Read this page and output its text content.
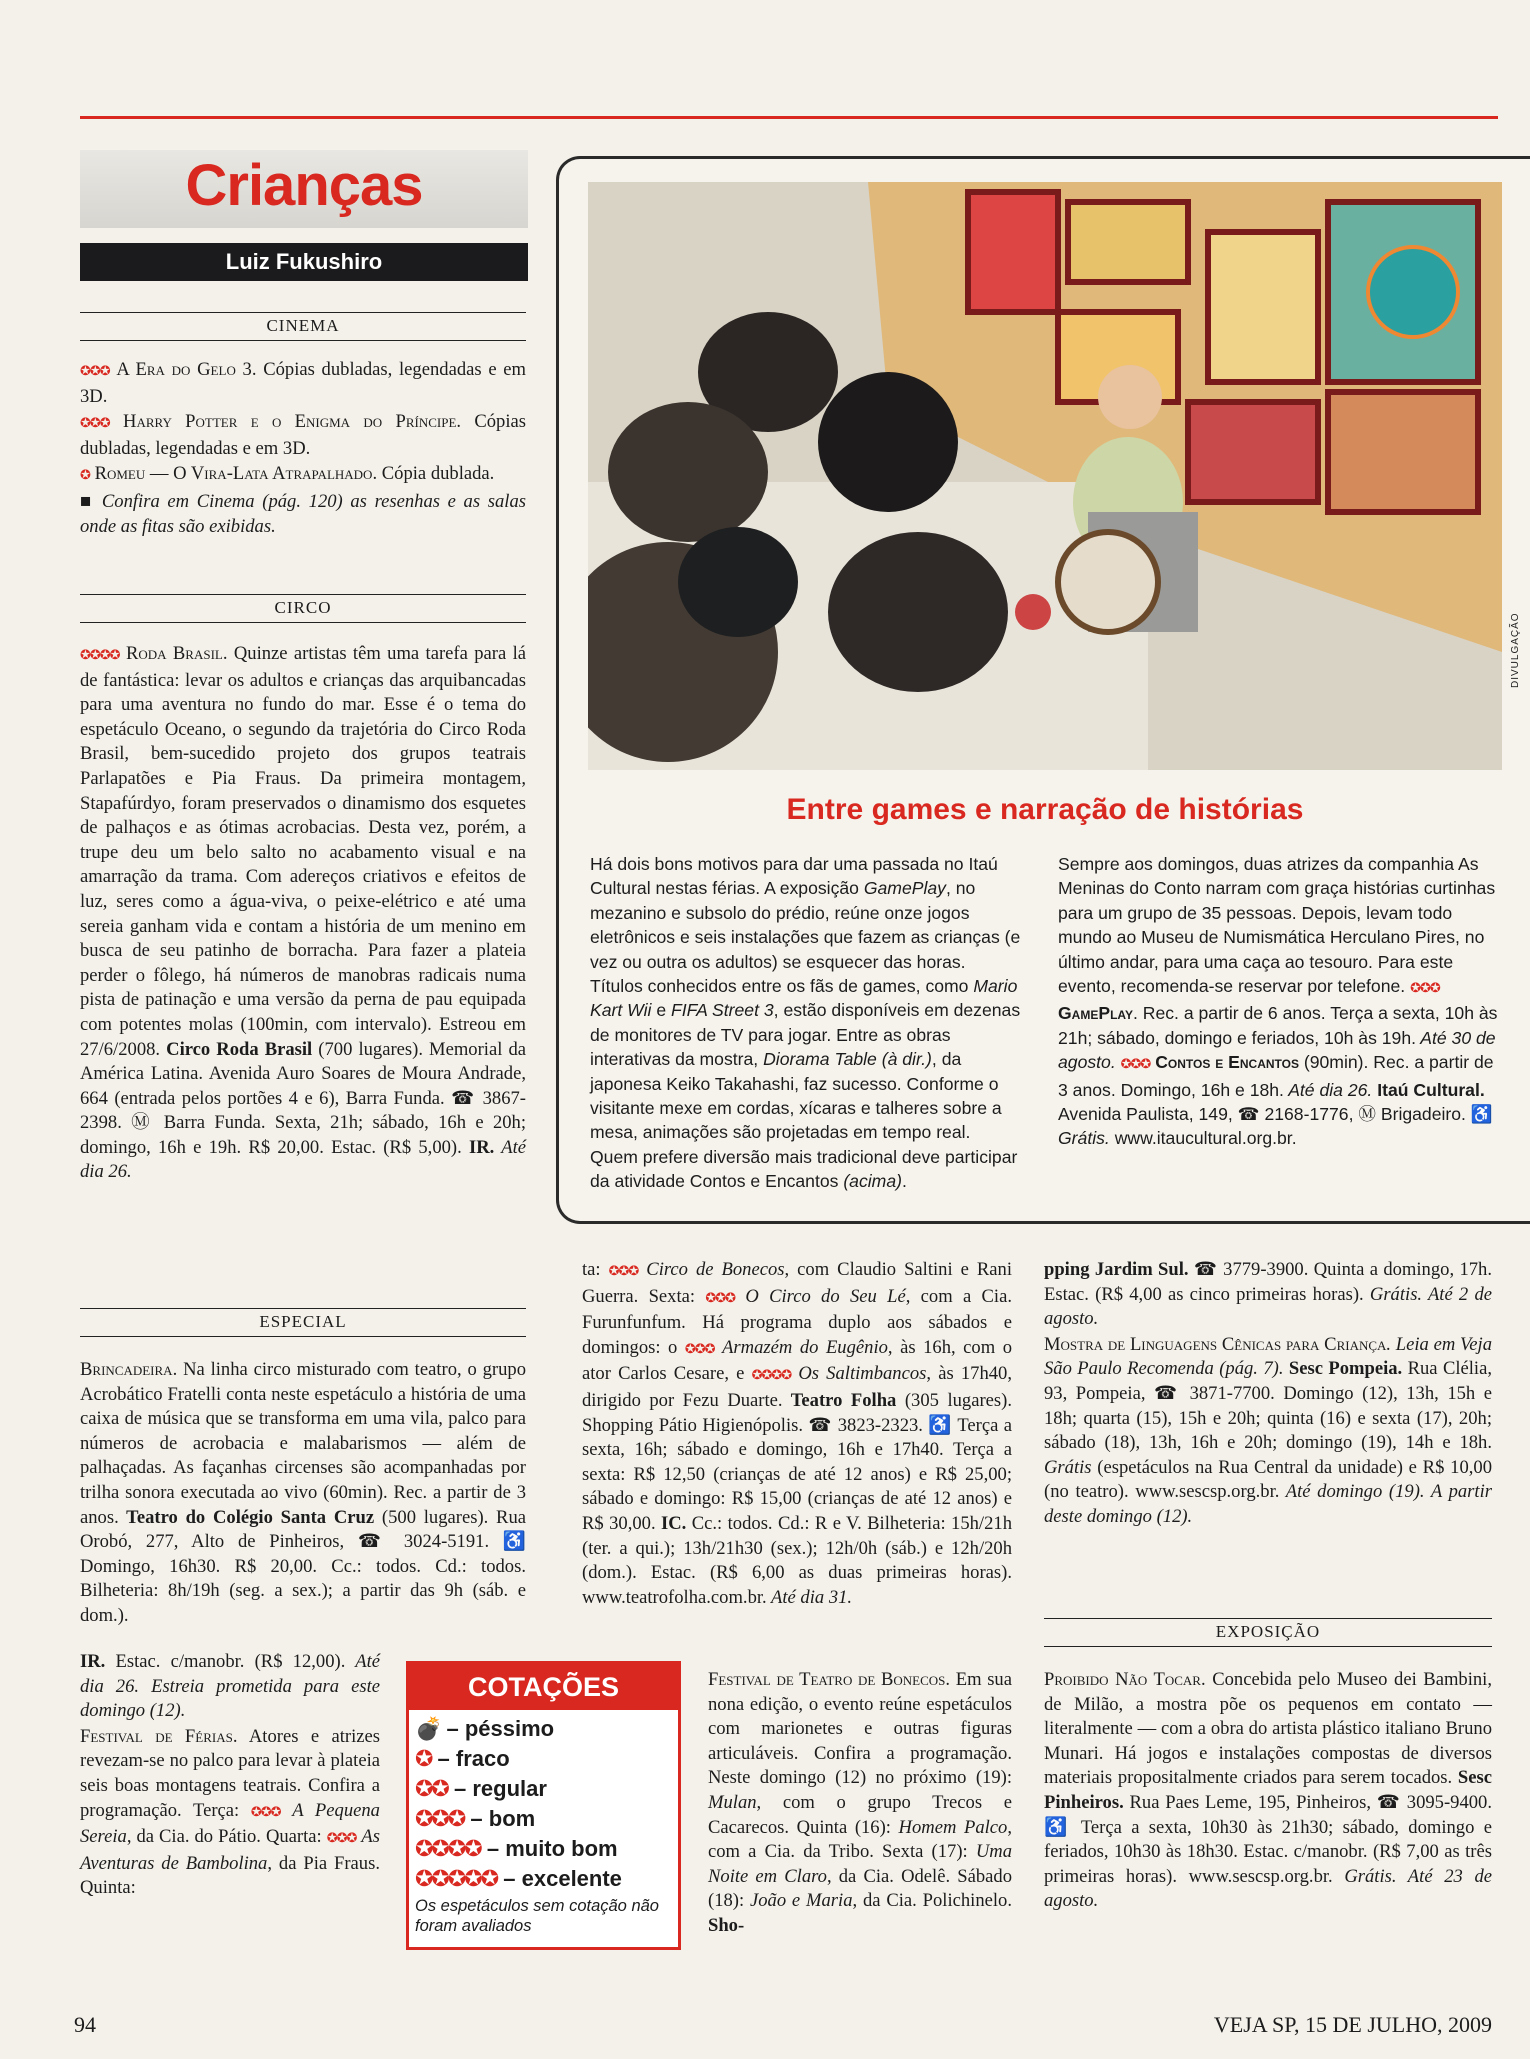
Crianças
Luiz Fukushiro
CINEMA

✪✪✪ A Era do Gelo 3. Cópias dubladas, legendadas e em 3D.

✪✪✪ Harry Potter e o Enigma do Príncipe. Cópias dubladas, legendadas e em 3D.

✪ Romeu — O Vira-Lata Atrapalhado. Cópia dublada.

■ Confira em Cinema (pág. 120) as resenhas e as salas onde as fitas são exibidas.

CIRCO

✪✪✪✪ Roda Brasil. Quinze artistas têm uma tarefa para lá de fantástica: levar os adultos e crianças das arquibancadas para uma aventura no fundo do mar. Esse é o tema do espetáculo Oceano, o segundo da trajetória do Circo Roda Brasil, bem-sucedido projeto dos grupos teatrais Parlapatões e Pia Fraus. Da primeira montagem, Stapafúrdyo, foram preservados o dinamismo dos esquetes de palhaços e as ótimas acrobacias. Desta vez, porém, a trupe deu um belo salto no acabamento visual e na amarração da trama. Com adereços criativos e efeitos de luz, seres como a água-viva, o peixe-elétrico e até uma sereia ganham vida e contam a história de um menino em busca de seu patinho de borracha. Para fazer a plateia perder o fôlego, há números de manobras radicais numa pista de patinação e uma versão da perna de pau equipada com potentes molas (100min, com intervalo). Estreou em 27/6/2008. Circo Roda Brasil (700 lugares). Memorial da América Latina. Avenida Auro Soares de Moura Andrade, 664 (entrada pelos portões 4 e 6), Barra Funda. ☎ 3867-2398. Ⓜ Barra Funda. Sexta, 21h; sábado, 16h e 20h; domingo, 16h e 19h. R$ 20,00. Estac. (R$ 5,00). IR. Até dia 26.

ESPECIAL

Brincadeira. Na linha circo misturado com teatro, o grupo Acrobático Fratelli conta neste espetáculo a história de uma caixa de música que se transforma em uma vila, palco para números de acrobacia e malabarismos — além de palhaçadas. As façanhas circenses são acompanhadas por trilha sonora executada ao vivo (60min). Rec. a partir de 3 anos. Teatro do Colégio Santa Cruz (500 lugares). Rua Orobó, 277, Alto de Pinheiros, ☎ 3024-5191. ♿ Domingo, 16h30. R$ 20,00. Cc.: todos. Cd.: todos. Bilheteria: 8h/19h (seg. a sex.); a partir das 9h (sáb. e dom.).

IR. Estac. c/manobr. (R$ 12,00). Até dia 26. Estreia prometida para este domingo (12).

Festival de Férias. Atores e atrizes revezam-se no palco para levar à plateia seis boas montagens teatrais. Confira a programação. Terça: ✪✪✪ A Pequena Sereia, da Cia. do Pátio. Quarta: ✪✪✪ As Aventuras de Bambolina, da Pia Fraus. Quinta:

DIVULGAÇÃO
Entre games e narração de histórias

Há dois bons motivos para dar uma passada no Itaú Cultural nestas férias. A exposição GamePlay, no mezanino e subsolo do prédio, reúne onze jogos eletrônicos e seis instalações que fazem as crianças (e vez ou outra os adultos) se esquecer das horas. Títulos conhecidos entre os fãs de games, como Mario Kart Wii e FIFA Street 3, estão disponíveis em dezenas de monitores de TV para jogar. Entre as obras interativas da mostra, Diorama Table (à dir.), da japonesa Keiko Takahashi, faz sucesso. Conforme o visitante mexe em cordas, xícaras e talheres sobre a mesa, animações são projetadas em tempo real. Quem prefere diversão mais tradicional deve participar da atividade Contos e Encantos (acima).

Sempre aos domingos, duas atrizes da companhia As Meninas do Conto narram com graça histórias curtinhas para um grupo de 35 pessoas. Depois, levam todo mundo ao Museu de Numismática Herculano Pires, no último andar, para uma caça ao tesouro. Para este evento, recomenda-se reservar por telefone. ✪✪✪ GamePlay. Rec. a partir de 6 anos. Terça a sexta, 10h às 21h; sábado, domingo e feriados, 10h às 19h. Até 30 de agosto. ✪✪✪ Contos e Encantos (90min). Rec. a partir de 3 anos. Domingo, 16h e 18h. Até dia 26. Itaú Cultural. Avenida Paulista, 149, ☎ 2168-1776, Ⓜ Brigadeiro. ♿ Grátis. www.itaucultural.org.br.

ta: ✪✪✪ Circo de Bonecos, com Claudio Saltini e Rani Guerra. Sexta: ✪✪✪ O Circo do Seu Lé, com a Cia. Furunfunfum. Há programa duplo aos sábados e domingos: o ✪✪✪ Armazém do Eugênio, às 16h, com o ator Carlos Cesare, e ✪✪✪✪ Os Saltimbancos, às 17h40, dirigido por Fezu Duarte. Teatro Folha (305 lugares). Shopping Pátio Higienópolis. ☎ 3823-2323. ♿ Terça a sexta, 16h; sábado e domingo, 16h e 17h40. Terça a sexta: R$ 12,50 (crianças de até 12 anos) e R$ 25,00; sábado e domingo: R$ 15,00 (crianças de até 12 anos) e R$ 30,00. IC. Cc.: todos. Cd.: R e V. Bilheteria: 15h/21h (ter. a qui.); 13h/21h30 (sex.); 12h/0h (sáb.) e 12h/20h (dom.). Estac. (R$ 6,00 as duas primeiras horas). www.teatrofolha.com.br. Até dia 31.

Festival de Teatro de Bonecos. Em sua nona edição, o evento reúne espetáculos com marionetes e outras figuras articuláveis. Confira a programação. Neste domingo (12) no próximo (19): Mulan, com o grupo Trecos e Cacarecos. Quinta (16): Homem Palco, com a Cia. da Tribo. Sexta (17): Uma Noite em Claro, da Cia. Odelê. Sábado (18): João e Maria, da Cia. Polichinelo. Sho-

COTAÇÕES
💣 – péssimo
✪ – fraco
✪✪ – regular
✪✪✪ – bom
✪✪✪✪ – muito bom
✪✪✪✪✪ – excelente
Os espetáculos sem cotação não foram avaliados

pping Jardim Sul. ☎ 3779-3900. Quinta a domingo, 17h. Estac. (R$ 4,00 as cinco primeiras horas). Grátis. Até 2 de agosto.

Mostra de Linguagens Cênicas para Criança. Leia em Veja São Paulo Recomenda (pág. 7). Sesc Pompeia. Rua Clélia, 93, Pompeia, ☎ 3871-7700. Domingo (12), 13h, 15h e 18h; quarta (15), 15h e 20h; quinta (16) e sexta (17), 20h; sábado (18), 13h, 16h e 20h; domingo (19), 14h e 18h. Grátis (espetáculos na Rua Central da unidade) e R$ 10,00 (no teatro). www.sescsp.org.br. Até domingo (19). A partir deste domingo (12).

EXPOSIÇÃO

Proibido Não Tocar. Concebida pelo Museo dei Bambini, de Milão, a mostra põe os pequenos em contato — literalmente — com a obra do artista plástico italiano Bruno Munari. Há jogos e instalações compostas de diversos materiais propositalmente criados para serem tocados. Sesc Pinheiros. Rua Paes Leme, 195, Pinheiros, ☎ 3095-9400. ♿ Terça a sexta, 10h30 às 21h30; sábado, domingo e feriados, 10h30 às 18h30. Estac. c/manobr. (R$ 7,00 as três primeiras horas). www.sescsp.org.br. Grátis. Até 23 de agosto.

94	VEJA SP, 15 DE JULHO, 2009
